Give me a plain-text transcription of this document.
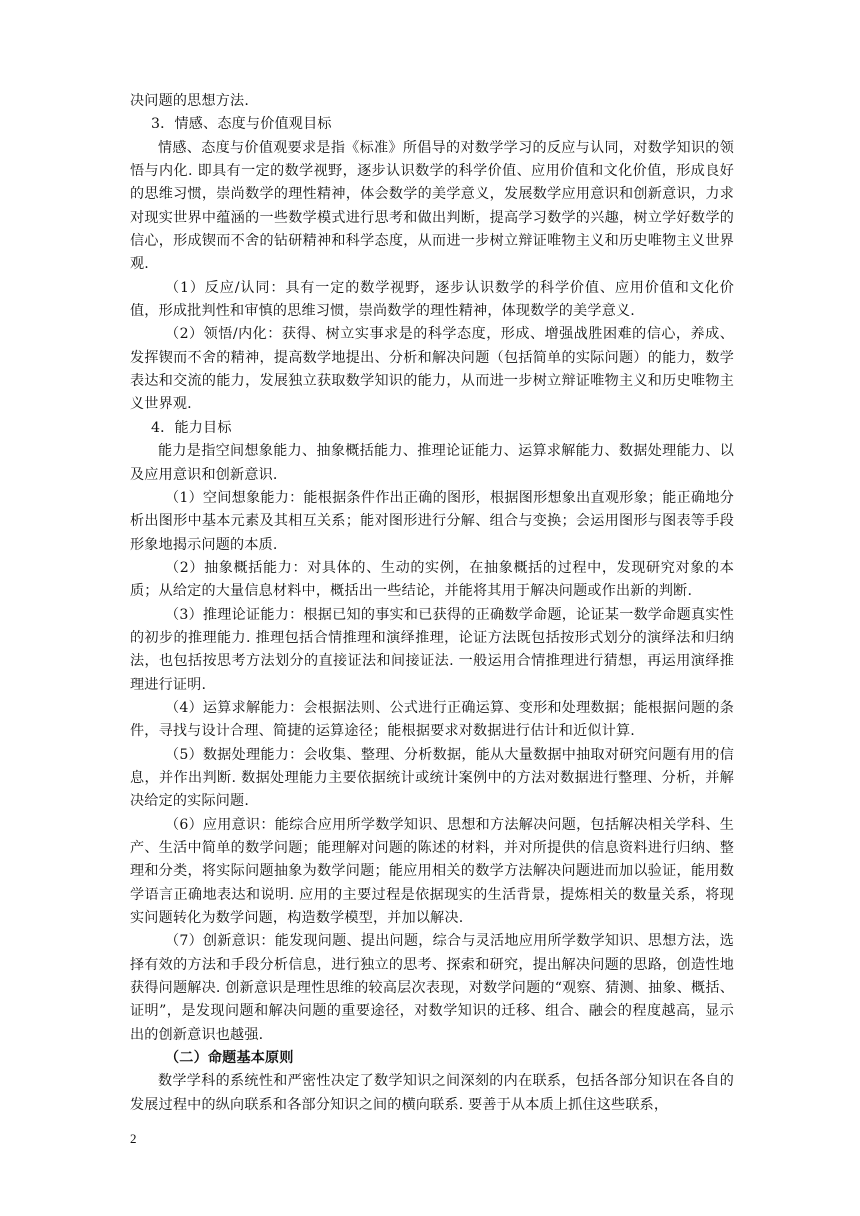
决问题的思想方法.

3．情感、态度与价值观目标

情感、态度与价值观要求是指《标准》所倡导的对数学学习的反应与认同，对数学知识的领悟与内化. 即具有一定的数学视野，逐步认识数学的科学价值、应用价值和文化价值，形成良好的思维习惯，崇尚数学的理性精神，体会数学的美学意义，发展数学应用意识和创新意识，力求对现实世界中蕴涵的一些数学模式进行思考和做出判断，提高学习数学的兴趣，树立学好数学的信心，形成锲而不舍的钻研精神和科学态度，从而进一步树立辩证唯物主义和历史唯物主义世界观.

（1）反应/认同：具有一定的数学视野，逐步认识数学的科学价值、应用价值和文化价值，形成批判性和审慎的思维习惯，崇尚数学的理性精神，体现数学的美学意义.

（2）领悟/内化：获得、树立实事求是的科学态度，形成、增强战胜困难的信心，养成、发挥锲而不舍的精神，提高数学地提出、分析和解决问题（包括简单的实际问题）的能力，数学表达和交流的能力，发展独立获取数学知识的能力，从而进一步树立辩证唯物主义和历史唯物主义世界观.

4．能力目标

能力是指空间想象能力、抽象概括能力、推理论证能力、运算求解能力、数据处理能力、以及应用意识和创新意识.

（1）空间想象能力：能根据条件作出正确的图形，根据图形想象出直观形象；能正确地分析出图形中基本元素及其相互关系；能对图形进行分解、组合与变换；会运用图形与图表等手段形象地揭示问题的本质.

（2）抽象概括能力：对具体的、生动的实例，在抽象概括的过程中，发现研究对象的本质；从给定的大量信息材料中，概括出一些结论，并能将其用于解决问题或作出新的判断.

（3）推理论证能力：根据已知的事实和已获得的正确数学命题，论证某一数学命题真实性的初步的推理能力. 推理包括合情推理和演绎推理，论证方法既包括按形式划分的演绎法和归纳法，也包括按思考方法划分的直接证法和间接证法. 一般运用合情推理进行猜想，再运用演绎推理进行证明.

（4）运算求解能力：会根据法则、公式进行正确运算、变形和处理数据；能根据问题的条件，寻找与设计合理、简捷的运算途径；能根据要求对数据进行估计和近似计算.

（5）数据处理能力：会收集、整理、分析数据，能从大量数据中抽取对研究问题有用的信息，并作出判断. 数据处理能力主要依据统计或统计案例中的方法对数据进行整理、分析，并解决给定的实际问题.

（6）应用意识：能综合应用所学数学知识、思想和方法解决问题，包括解决相关学科、生产、生活中简单的数学问题；能理解对问题的陈述的材料，并对所提供的信息资料进行归纳、整理和分类，将实际问题抽象为数学问题；能应用相关的数学方法解决问题进而加以验证，能用数学语言正确地表达和说明. 应用的主要过程是依据现实的生活背景，提炼相关的数量关系，将现实问题转化为数学问题，构造数学模型，并加以解决.

（7）创新意识：能发现问题、提出问题，综合与灵活地应用所学数学知识、思想方法，选择有效的方法和手段分析信息，进行独立的思考、探索和研究，提出解决问题的思路，创造性地获得问题解决. 创新意识是理性思维的较高层次表现，对数学问题的“观察、猜测、抽象、概括、证明”，是发现问题和解决问题的重要途径，对数学知识的迁移、组合、融会的程度越高，显示出的创新意识也越强.

（二）命题基本原则

数学学科的系统性和严密性决定了数学知识之间深刻的内在联系，包括各部分知识在各自的发展过程中的纵向联系和各部分知识之间的横向联系. 要善于从本质上抓住这些联系，

2
